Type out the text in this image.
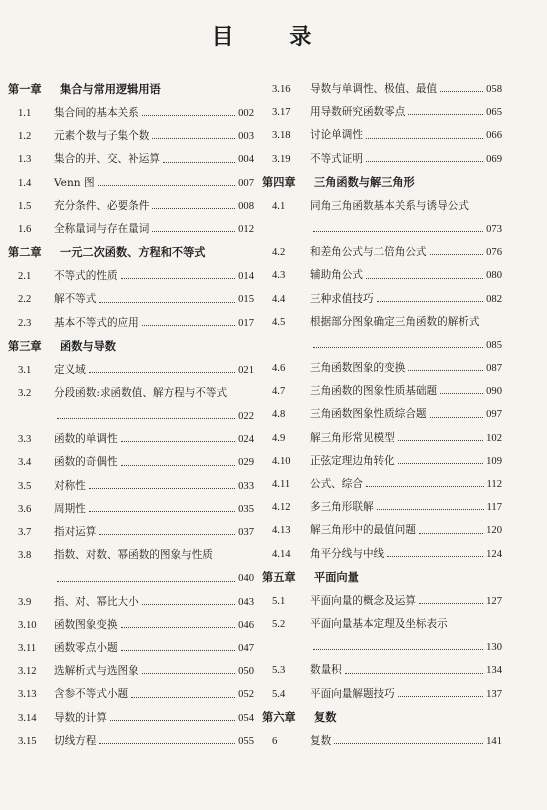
目 录
第一章 集合与常用逻辑用语
1.1	集合间的基本关系	002
1.2	元素个数与子集个数	003
1.3	集合的并、交、补运算	004
1.4	Venn 图	007
1.5	充分条件、必要条件	008
1.6	全称量词与存在量词	012
第二章 一元二次函数、方程和不等式
2.1	不等式的性质	014
2.2	解不等式	015
2.3	基本不等式的应用	017
第三章 函数与导数
3.1	定义域	021
3.2	分段函数:求函数值、解方程与不等式
022
3.3	函数的单调性	024
3.4	函数的奇偶性	029
3.5	对称性	033
3.6	周期性	035
3.7	指对运算	037
3.8	指数、对数、幂函数的图象与性质
040
3.9	指、对、幂比大小	043
3.10	函数图象变换	046
3.11	函数零点小题	047
3.12	选解析式与选图象	050
3.13	含参不等式小题	052
3.14	导数的计算	054
3.15	切线方程	055
3.16	导数与单调性、极值、最值	058
3.17	用导数研究函数零点	065
3.18	讨论单调性	066
3.19	不等式证明	069
第四章 三角函数与解三角形
4.1	同角三角函数基本关系与诱导公式
073
4.2	和差角公式与二倍角公式	076
4.3	辅助角公式	080
4.4	三种求值技巧	082
4.5	根据部分图象确定三角函数的解析式
085
4.6	三角函数图象的变换	087
4.7	三角函数的图象性质基础题	090
4.8	三角函数图象性质综合题	097
4.9	解三角形常见模型	102
4.10	正弦定理边角转化	109
4.11	公式、综合	112
4.12	多三角形联解	117
4.13	解三角形中的最值问题	120
4.14	角平分线与中线	124
第五章 平面向量
5.1	平面向量的概念及运算	127
5.2	平面向量基本定理及坐标表示
130
5.3	数量积	134
5.4	平面向量解题技巧	137
第六章 复数
6	复数	141
